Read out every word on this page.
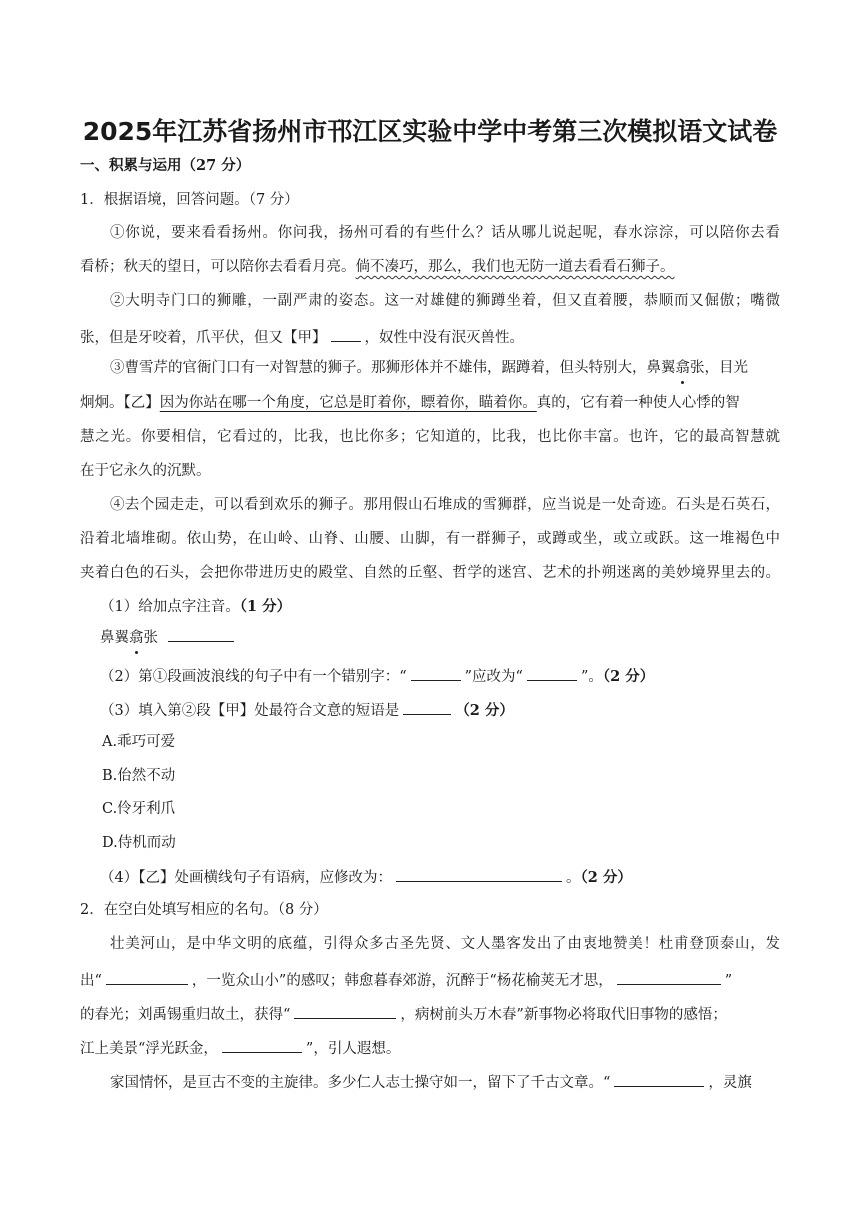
2025年江苏省扬州市邗江区实验中学中考第三次模拟语文试卷
一、积累与运用（27 分）
1．根据语境，回答问题。（7 分）
①你说，要来看看扬州。你问我，扬州可看的有些什么？话从哪儿说起呢，春水淙淙，可以陪你去看
看桥；秋天的望日，可以陪你去看看月亮。倘不凑巧，那么，我们也无防一道去看看石狮子。
②大明寺门口的狮雕，一副严肃的姿态。这一对雄健的狮蹲坐着，但又直着腰，恭顺而又倔傲；嘴微
张，但是牙咬着，爪平伏，但又【甲】	，奴性中没有泯灭兽性。
③曹雪芹的官衙门口有一对智慧的狮子。那狮形体并不雄伟，踞蹲着，但头特别大，鼻翼翕张，目光
炯炯。【乙】因为你站在哪一个角度，它总是盯着你，瞟着你，瞄着你。真的，它有着一种使人心悸的智
慧之光。你要相信，它看过的，比我，也比你多；它知道的，比我，也比你丰富。也许，它的最高智慧就
在于它永久的沉默。
④去个园走走，可以看到欢乐的狮子。那用假山石堆成的雪狮群，应当说是一处奇迹。石头是石英石，
沿着北墙堆砌。依山势，在山岭、山脊、山腰、山脚，有一群狮子，或蹲或坐，或立或跃。这一堆褐色中
夹着白色的石头，会把你带进历史的殿堂、自然的丘壑、哲学的迷宫、艺术的扑朔迷离的美妙境界里去的。
（1）给加点字注音。（1 分）
鼻翼翕张
（2）第①段画波浪线的句子中有一个错别字：“	”应改为“	”。（2 分）
（3）填入第②段【甲】处最符合文意的短语是	（2 分）
A.乖巧可爱
B.佁然不动
C.伶牙利爪
D.侍机而动
（4）【乙】处画横线句子有语病，应修改为：	。（2 分）
2．在空白处填写相应的名句。（8 分）
壮美河山，是中华文明的底蕴，引得众多古圣先贤、文人墨客发出了由衷地赞美！杜甫登顶泰山，发
出“	，一览众山小”的感叹；韩愈暮春郊游，沉醉于“杨花榆荚无才思，	”
的春光；刘禹锡重归故土，获得“	，病树前头万木春”新事物必将取代旧事物的感悟；
江上美景“浮光跃金，	”，引人遐想。
家国情怀，是亘古不变的主旋律。多少仁人志士操守如一，留下了千古文章。“	，灵旗
